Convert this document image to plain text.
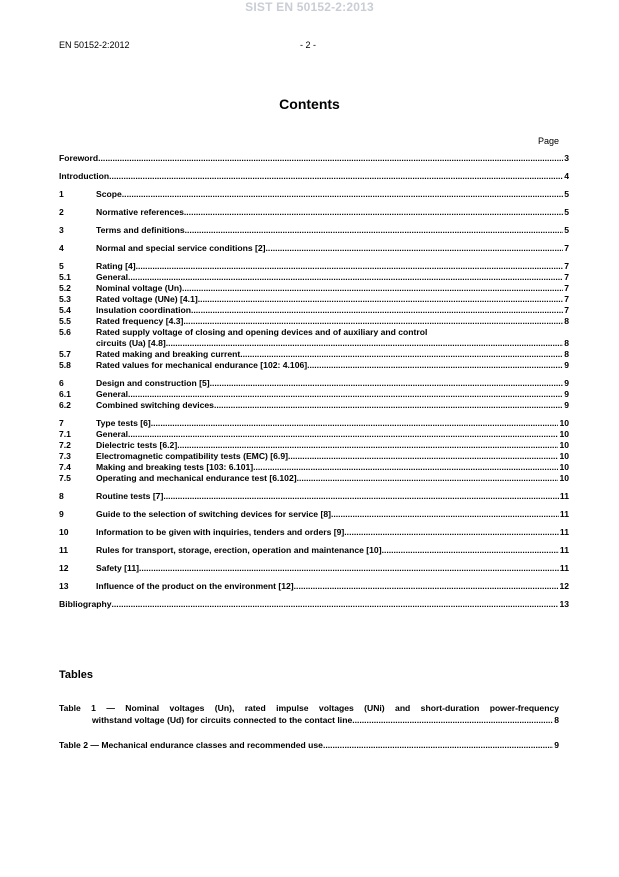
SIST EN 50152-2:2013
EN 50152-2:2012	- 2 -
Contents
Page
Foreword .....	3
Introduction .....	4
1	Scope .....	5
2	Normative references .....	5
3	Terms and definitions .....	5
4	Normal and special service conditions [2] .....	7
5	Rating [4] .....	7
5.1	General .....	7
5.2	Nominal voltage (Un) .....	7
5.3	Rated voltage (UNe) [4.1] .....	7
5.4	Insulation coordination .....	7
5.5	Rated frequency [4.3] .....	8
5.6	Rated supply voltage of closing and opening devices and of auxiliary and control
circuits (Ua) [4.8] .....	8
5.7	Rated making and breaking current .....	8
5.8	Rated values for mechanical endurance [102: 4.106] .....	9
6	Design and construction [5] .....	9
6.1	General .....	9
6.2	Combined switching devices .....	9
7	Type tests [6] .....	10
7.1	General .....	10
7.2	Dielectric tests [6.2] .....	10
7.3	Electromagnetic compatibility tests (EMC) [6.9] .....	10
7.4	Making and breaking tests [103: 6.101] .....	10
7.5	Operating and mechanical endurance test [6.102] .....	10
8	Routine tests [7] .....	11
9	Guide to the selection of switching devices for service [8] .....	11
10	Information to be given with inquiries, tenders and orders [9] .....	11
11	Rules for transport, storage, erection, operation and maintenance [10] .....	11
12	Safety [11] .....	11
13	Influence of the product on the environment [12] .....	12
Bibliography .....	13
Tables
Table 1 — Nominal voltages (Un), rated impulse voltages (UNi) and short-duration power-frequency
withstand voltage (Ud) for circuits connected to the contact line .....	8
Table 2 — Mechanical endurance classes and recommended use .....	9
